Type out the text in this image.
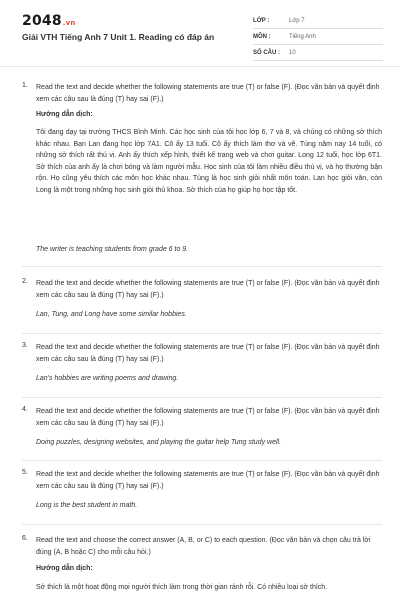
2048.vn
Giải VTH Tiếng Anh 7 Unit 1. Reading có đáp án
LỚP :	Lớp 7
MÔN :	Tiếng Anh
SỐ CÂU :	10
1. Read the text and decide whether the following statements are true (T) or false (F). (Đọc văn bản và quyết định xem các câu sau là đúng (T) hay sai (F).)
Hướng dẫn dịch:
Tôi đang dạy tại trường THCS Bình Minh. Các học sinh của tôi học lớp 6, 7 và 8, và chúng có những sở thích khác nhau. Bạn Lan đang học lớp 7A1. Cô ấy 13 tuổi. Cô ấy thích làm thơ và vẽ. Tùng năm nay 14 tuổi, có những sở thích rất thú vị. Anh ấy thích xếp hình, thiết kế trang web và chơi guitar. Long 12 tuổi, học lớp 6T1. Sở thích của anh ấy là chơi bóng và làm người mẫu. Học sinh của tôi làm nhiều điều thú vị, và họ thường bận rộn. Họ cũng yêu thích các môn học khác nhau. Tùng là học sinh giỏi nhất môn toán. Lan học giỏi văn, còn Long là một trong những học sinh giỏi thủ khoa. Sở thích của họ giúp họ học tập tốt.
The writer is teaching students from grade 6 to 9.
2. Read the text and decide whether the following statements are true (T) or false (F). (Đọc văn bản và quyết định xem các câu sau là đúng (T) hay sai (F).)
Lan, Tung, and Long have some similar hobbies.
3. Read the text and decide whether the following statements are true (T) or false (F). (Đọc văn bản và quyết định xem các câu sau là đúng (T) hay sai (F).)
Lan's hobbies are writing poems and drawing.
4. Read the text and decide whether the following statements are true (T) or false (F). (Đọc văn bản và quyết định xem các câu sau là đúng (T) hay sai (F).)
Doing puzzles, designing websites, and playing the guitar help Tung study well.
5. Read the text and decide whether the following statements are true (T) or false (F). (Đọc văn bản và quyết định xem các câu sau là đúng (T) hay sai (F).)
Long is the best student in math.
6. Read the text and choose the correct answer (A, B, or C) to each question. (Đọc văn bản và chọn câu trả lời đúng (A, B hoặc C) cho mỗi câu hỏi.)
Hướng dẫn dịch:
Sở thích là một hoạt động mọi người thích làm trong thời gian rảnh rỗi. Có nhiều loại sở thích.
